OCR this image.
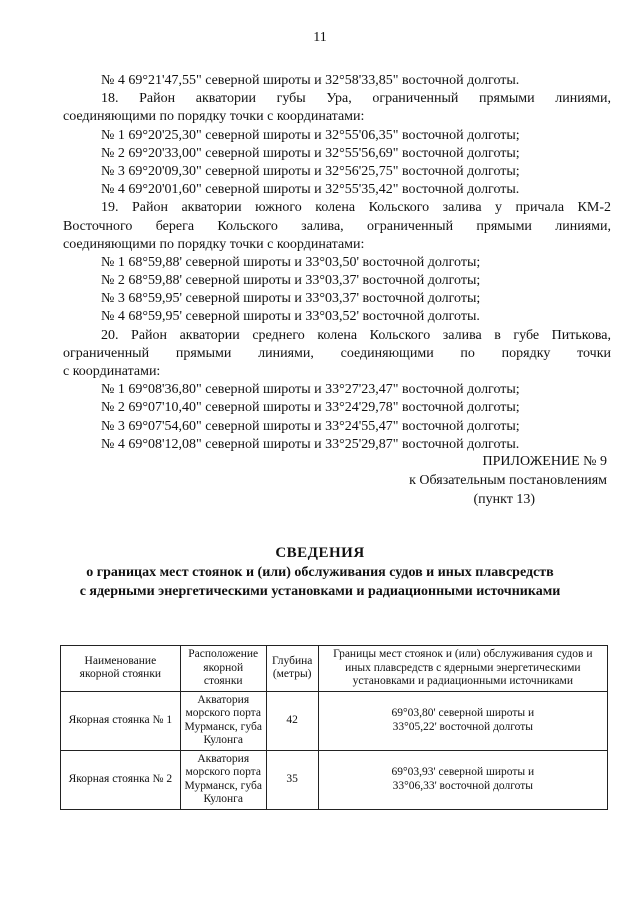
11
№ 4 69°21'47,55" северной широты и 32°58'33,85" восточной долготы.
18. Район акватории губы Ура, ограниченный прямыми линиями,
соединяющими по порядку точки с координатами:
№ 1 69°20'25,30" северной широты и 32°55'06,35" восточной долготы;
№ 2 69°20'33,00" северной широты и 32°55'56,69" восточной долготы;
№ 3 69°20'09,30" северной широты и 32°56'25,75" восточной долготы;
№ 4 69°20'01,60" северной широты и 32°55'35,42" восточной долготы.
19. Район акватории южного колена Кольского залива у причала КМ-2
Восточного берега Кольского залива, ограниченный прямыми линиями,
соединяющими по порядку точки с координатами:
№ 1 68°59,88' северной широты и 33°03,50' восточной долготы;
№ 2 68°59,88' северной широты и 33°03,37' восточной долготы;
№ 3 68°59,95' северной широты и 33°03,37' восточной долготы;
№ 4 68°59,95' северной широты и 33°03,52' восточной долготы.
20. Район акватории среднего колена Кольского залива в губе Питькова,
ограниченный прямыми линиями, соединяющими по порядку точки
с координатами:
№ 1 69°08'36,80" северной широты и 33°27'23,47" восточной долготы;
№ 2 69°07'10,40" северной широты и 33°24'29,78" восточной долготы;
№ 3 69°07'54,60" северной широты и 33°24'55,47" восточной долготы;
№ 4 69°08'12,08" северной широты и 33°25'29,87" восточной долготы.
ПРИЛОЖЕНИЕ № 9
к Обязательным постановлениям
(пункт 13)
СВЕДЕНИЯ
о границах мест стоянок и (или) обслуживания судов и иных плавсредств
с ядерными энергетическими установками и радиационными источниками
Наименование якорной стоянки	Расположение якорной стоянки	Глубина (метры)	Границы мест стоянок и (или) обслуживания судов и иных плавсредств с ядерными энергетическими установками и радиационными источниками
Якорная стоянка № 1	Акватория морского порта Мурманск, губа Кулонга	42	69°03,80' северной широты и 33°05,22' восточной долготы
Якорная стоянка № 2	Акватория морского порта Мурманск, губа Кулонга	35	69°03,93' северной широты и 33°06,33' восточной долготы
